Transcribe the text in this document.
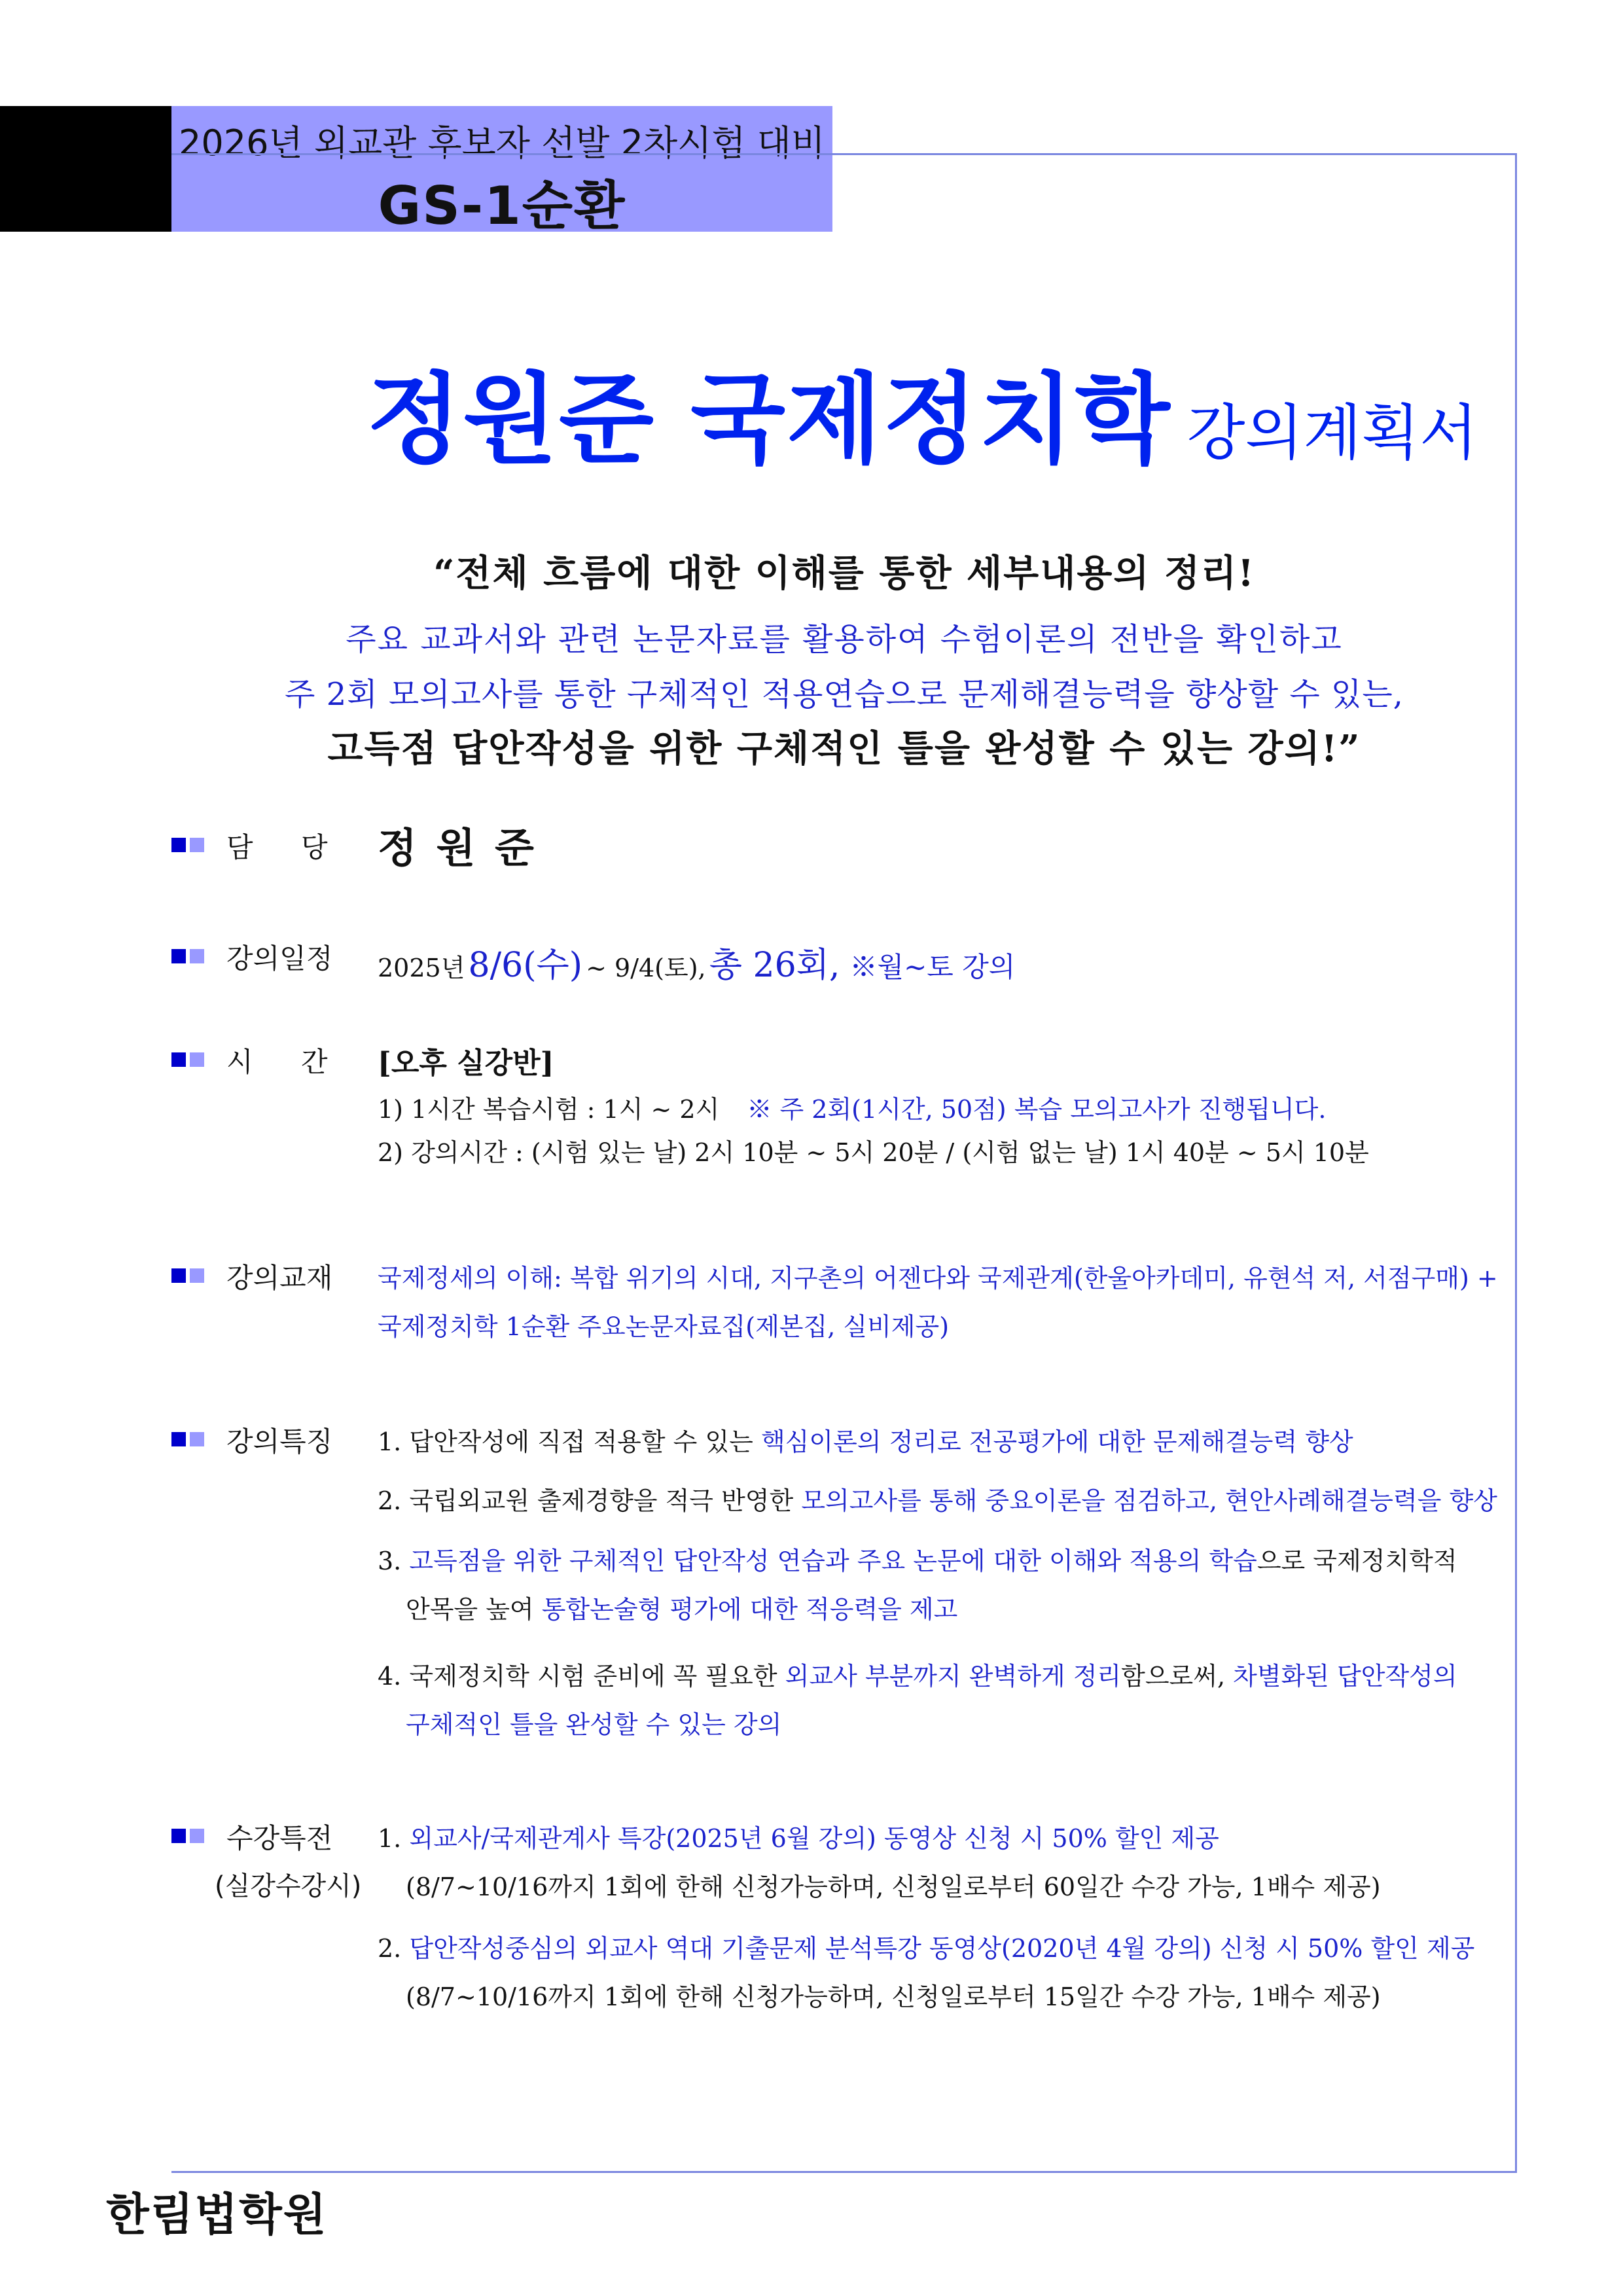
2026년 외교관 후보자 선발 2차시험 대비
GS-1순환
정원준 국제정치학 강의계획서
“전체 흐름에 대한 이해를 통한 세부내용의 정리!
주요 교과서와 관련 논문자료를 활용하여 수험이론의 전반을 확인하고
주 2회 모의고사를 통한 구체적인 적용연습으로 문제해결능력을 향상할 수 있는,
고득점 답안작성을 위한 구체적인 틀을 완성할 수 있는 강의!”
담 당 정 원 준
강의일정 2025년 8/6(수) ~ 9/4(토), 총 26회, ※월~토 강의
시 간 [오후 실강반]
1) 1시간 복습시험 : 1시 ~ 2시 ※ 주 2회(1시간, 50점) 복습 모의고사가 진행됩니다.
2) 강의시간 : (시험 있는 날) 2시 10분 ~ 5시 20분 / (시험 없는 날) 1시 40분 ~ 5시 10분
강의교재 국제정세의 이해: 복합 위기의 시대, 지구촌의 어젠다와 국제관계(한울아카데미, 유현석 저, 서점구매) +
국제정치학 1순환 주요논문자료집(제본집, 실비제공)
강의특징 1. 답안작성에 직접 적용할 수 있는 핵심이론의 정리로 전공평가에 대한 문제해결능력 향상
2. 국립외교원 출제경향을 적극 반영한 모의고사를 통해 중요이론을 점검하고, 현안사례해결능력을 향상
3. 고득점을 위한 구체적인 답안작성 연습과 주요 논문에 대한 이해와 적용의 학습으로 국제정치학적
안목을 높여 통합논술형 평가에 대한 적응력을 제고
4. 국제정치학 시험 준비에 꼭 필요한 외교사 부분까지 완벽하게 정리함으로써, 차별화된 답안작성의
구체적인 틀을 완성할 수 있는 강의
수강특전
(실강수강시)
1. 외교사/국제관계사 특강(2025년 6월 강의) 동영상 신청 시 50% 할인 제공
(8/7~10/16까지 1회에 한해 신청가능하며, 신청일로부터 60일간 수강 가능, 1배수 제공)
2. 답안작성중심의 외교사 역대 기출문제 분석특강 동영상(2020년 4월 강의) 신청 시 50% 할인 제공
(8/7~10/16까지 1회에 한해 신청가능하며, 신청일로부터 15일간 수강 가능, 1배수 제공)
한림법학원
